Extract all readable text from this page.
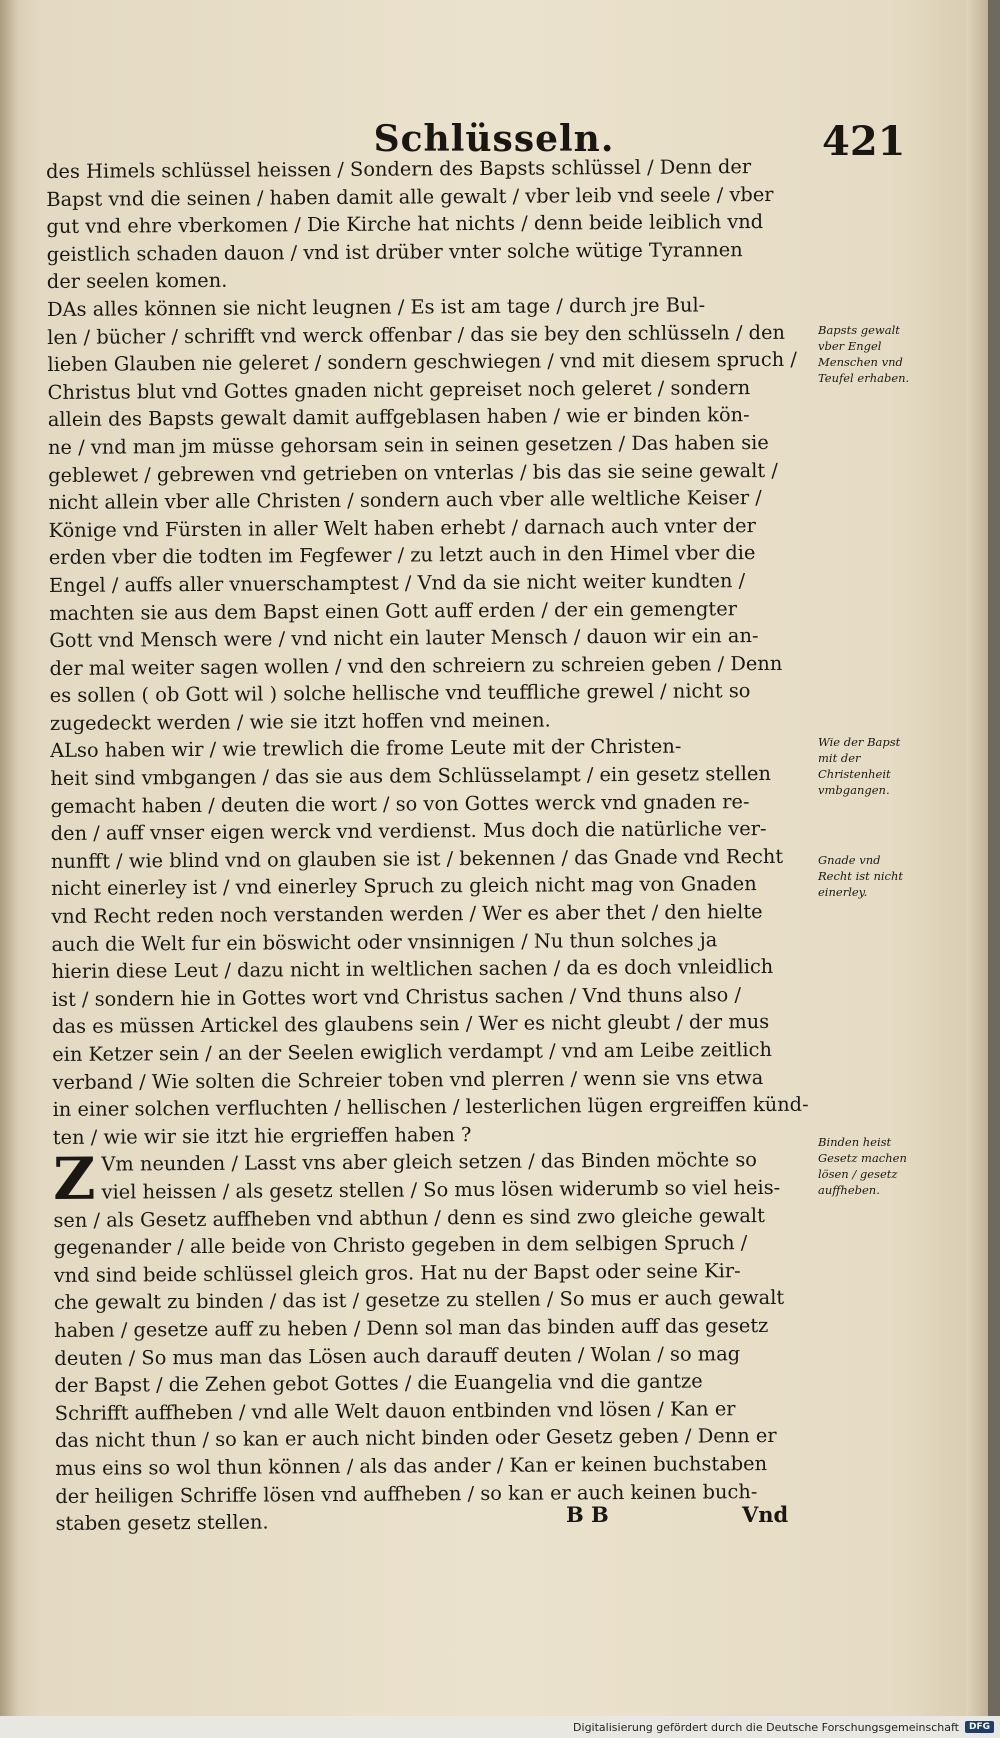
Schlüsseln.	421

des Himels schlüssel heissen / Sondern des Bapsts schlüssel / Denn der
Bapst vnd die seinen / haben damit alle gewalt / vber leib vnd seele / vber
gut vnd ehre vberkomen / Die Kirche hat nichts / denn beide leiblich vnd
geistlich schaden dauon / vnd ist drüber vnter solche wütige Tyrannen
der seelen komen.

DAs alles können sie nicht leugnen / Es ist am tage / durch jre Bul-
len / bücher / schrifft vnd werck offenbar / das sie bey den schlüsseln / den
lieben Glauben nie geleret / sondern geschwiegen / vnd mit diesem spruch /
Christus blut vnd Gottes gnaden nicht gepreiset noch geleret / sondern
allein des Bapsts gewalt damit auffgeblasen haben / wie er binden kön-
ne / vnd man jm müsse gehorsam sein in seinen gesetzen / Das haben sie
geblewet / gebrewen vnd getrieben on vnterlas / bis das sie seine gewalt /
nicht allein vber alle Christen / sondern auch vber alle weltliche Keiser /
Könige vnd Fürsten in aller Welt haben erhebt / darnach auch vnter der
erden vber die todten im Fegfewer / zu letzt auch in den Himel vber die
Engel / auffs aller vnuerschamptest / Vnd da sie nicht weiter kundten /
machten sie aus dem Bapst einen Gott auff erden / der ein gemengter
Gott vnd Mensch were / vnd nicht ein lauter Mensch / dauon wir ein an-
der mal weiter sagen wollen / vnd den schreiern zu schreien geben / Denn
es sollen ( ob Gott wil ) solche hellische vnd teuffliche grewel / nicht so
zugedeckt werden / wie sie itzt hoffen vnd meinen.

ALso haben wir / wie trewlich die frome Leute mit der Christen-
heit sind vmbgangen / das sie aus dem Schlüsselampt / ein gesetz stellen
gemacht haben / deuten die wort / so von Gottes werck vnd gnaden re-
den / auff vnser eigen werck vnd verdienst. Mus doch die natürliche ver-
nunfft / wie blind vnd on glauben sie ist / bekennen / das Gnade vnd Recht
nicht einerley ist / vnd einerley Spruch zu gleich nicht mag von Gnaden
vnd Recht reden noch verstanden werden / Wer es aber thet / den hielte
auch die Welt fur ein böswicht oder vnsinnigen / Nu thun solches ja
hierin diese Leut / dazu nicht in weltlichen sachen / da es doch vnleidlich
ist / sondern hie in Gottes wort vnd Christus sachen / Vnd thuns also /
das es müssen Artickel des glaubens sein / Wer es nicht gleubt / der mus
ein Ketzer sein / an der Seelen ewiglich verdampt / vnd am Leibe zeitlich
verband / Wie solten die Schreier toben vnd plerren / wenn sie vns etwa
in einer solchen verfluchten / hellischen / lesterlichen lügen ergreiffen künd-
ten / wie wir sie itzt hie ergrieffen haben ?

Z Vm neunden / Lasst vns aber gleich setzen / das Binden möchte so
viel heissen / als gesetz stellen / So mus lösen widerumb so viel heis-
sen / als Gesetz auffheben vnd abthun / denn es sind zwo gleiche gewalt
gegenander / alle beide von Christo gegeben in dem selbigen Spruch /
vnd sind beide schlüssel gleich gros. Hat nu der Bapst oder seine Kir-
che gewalt zu binden / das ist / gesetze zu stellen / So mus er auch gewalt
haben / gesetze auff zu heben / Denn sol man das binden auff das gesetz
deuten / So mus man das Lösen auch darauff deuten / Wolan / so mag
der Bapst / die Zehen gebot Gottes / die Euangelia vnd die gantze
Schrifft auffheben / vnd alle Welt dauon entbinden vnd lösen / Kan er
das nicht thun / so kan er auch nicht binden oder Gesetz geben / Denn er
mus eins so wol thun können / als das ander / Kan er keinen buchstaben
der heiligen Schriffe lösen vnd auffheben / so kan er auch keinen buch-
staben gesetz stellen.

Bapsts gewalt vber Engel Menschen vnd Teufel erhaben.
Wie der Bapst mit der Christenheit vmbgangen.
Gnade vnd Recht ist nicht einerley.
Binden heist Gesetz machen lösen / gesetz auffheben.
B B	Vnd
Digitalisierung gefördert durch die Deutsche Forschungsgemeinschaft	DFG
